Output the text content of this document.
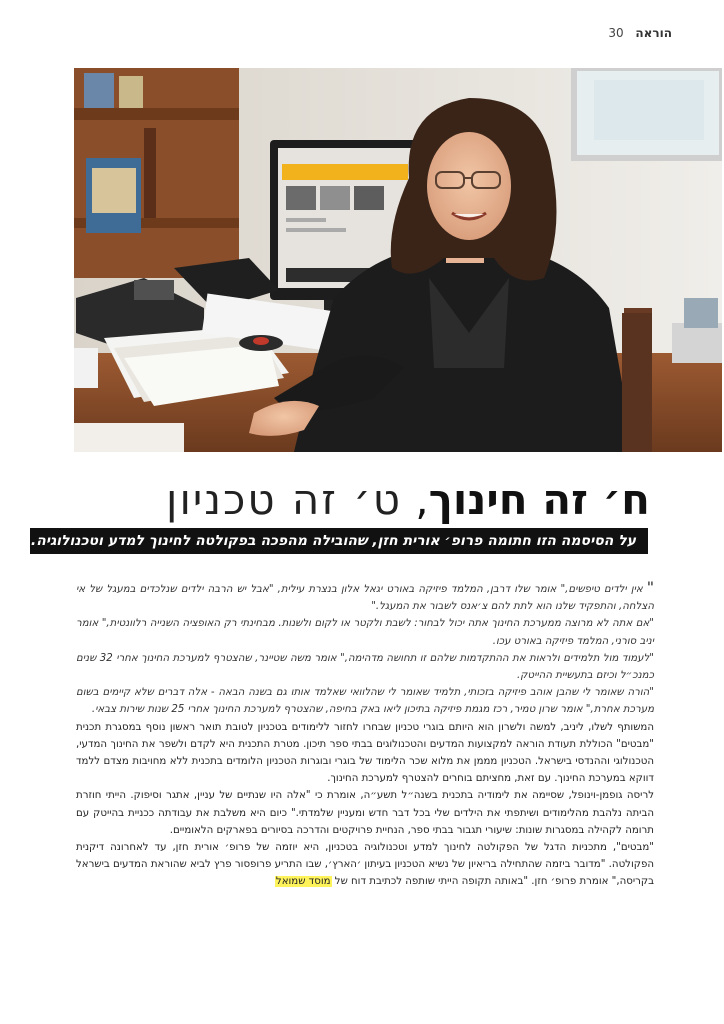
הוראה 30
ח׳ זה חינוך, ט׳ זה טכניון
על הסיסמה הזו חתומה פרופ׳ אורית חזן, שהובילה מהפכה בפקולטה לחינוך למדע וטכנולוגיה.

"אין ילדים טיפשים," אומר שלו דרבן, המלמד פיזיקה באורט יגאל אלון בנצרת עילית, "אבל יש הרבה ילדים שנלכדים במעגל של אי הצלחה, והתפקיד שלנו הוא לתת להם צ׳אנס לשבור את המעגל."

"אם אתה לא מרוצה ממערכת החינוך אתה יכול לבחור: לשבת ולקטר או לקום ולשנות. מבחינתי רק האופציה השנייה רלוונטית," אומר יניב סורני, המלמד פיזיקה באורט עכו.

"לעמוד מול תלמידים ולראות את ההתקדמות שלהם זו תחושה מדהימה," אומר משה שטיינר, שהצטרף למערכת החינוך אחרי 32 שנים כמנכ״ל וכיזם בתעשיית ההייטק.

"הורה שאומר לי שהבן אוהב פיזיקה בזכותי, תלמיד שאומר לי שהלוואי שאלמד אותו גם בשנה הבאה - אלה דברים שלא קיימים בשום מערכת אחרת," אומר שרון טמיר, רכז מגמת פיזיקה בתיכון ליאו באק בחיפה, שהצטרף למערכת החינוך אחרי 25 שנות שירות צבאי.

המשותף לשלו, ליניב, למשה ולשרון הוא היותם בוגרי טכניון שבחרו לחזור ללימודים בטכניון לטובת תואר ראשון נוסף במסגרת תכנית "מבטים" הכוללת תעודת הוראה למקצועות המדעים והטכנולוגים בבתי ספר תיכון. מטרת התכנית היא לקדם ולשפר את החינוך המדעי, הטכנולוגי וההנדסי בישראל. הטכניון מממן את מלוא שכר הלימוד של בוגרי ובוגרות הטכניון הלומדים בתכנית ללא מחויבות מצדם ללמד דווקא במערכת החינוך. עם זאת, מחציתם בוחרים להצטרף למערכת החינוך.

לריסה גופמן-וינופל, שסיימה את לימודיה בתכנית בשנה״ל תשע״ה, אומרת כי "אלה היו שנתיים של עניין, אתגר וסיפוק. הייתי חוזרת הביתה נלהבת מהלימודים ושיתפתי את הילדים שלי בכל דבר חדש ומעניין שלמדתי." כיום היא משלבת את עבודתה ככניית בהייטק עם תרומה לקהילה במסגרות שונות: שיעורי תגבור בבתי ספר, הנחיית פרויקטים והדרכה בסיורים בפארקים הלאומיים.

"מבטים", מתכניות הדגל של הפקולטה לחינוך למדע וטכנולוגיה בטכניון, היא יוזמה של פרופ׳ אורית חזן, עד לאחרונה דיקנית הפקולטה. "מדובר ביזמה שהתחילה בריאיון של נשיא הטכניון בעיתון ׳הארץ׳, שבו התריע פרופסור פרץ לביא שהוראת המדעים בישראל בקריסה," אומרת פרופ׳ חזן. "באותה תקופה הייתי שותפה לכתיבת דוח של מוסד שמואל
